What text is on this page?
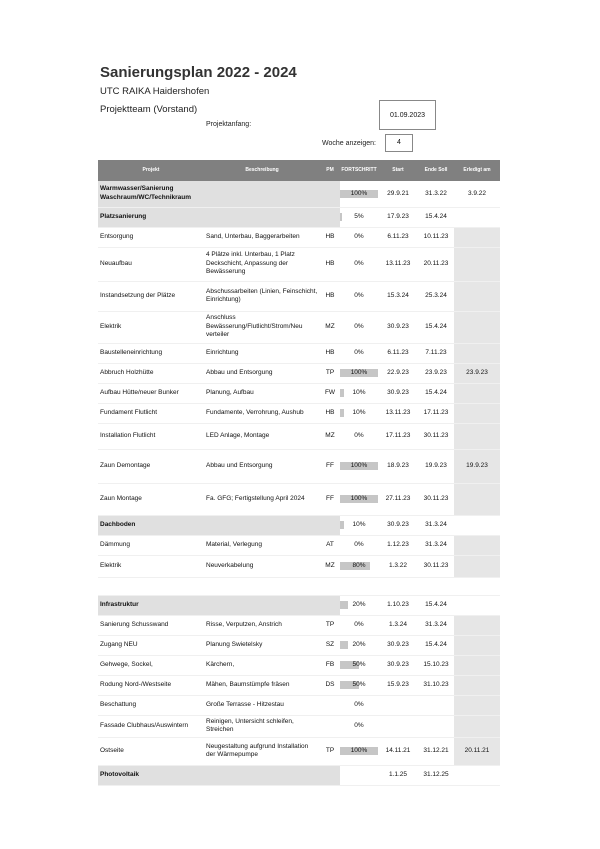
Sanierungsplan 2022 - 2024
UTC RAIKA Haidershofen
Projektteam (Vorstand)
Projektanfang:
01.09.2023
Woche anzeigen:	4
Projekt	Beschreibung	PM	FORTSCHRITT	Start	Ende Soll	Erledigt am
Warmwasser/Sanierung Waschraum/WC/Technikraum			100%	29.9.21	31.3.22	3.9.22
Platzsanierung			5%	17.9.23	15.4.24	
Entsorgung	Sand, Unterbau, Baggerarbeiten	HB	0%	6.11.23	10.11.23	
Neuaufbau	4 Plätze inkl. Unterbau, 1 Platz Deckschicht, Anpassung der Bewässerung	HB	0%	13.11.23	20.11.23	
Instandsetzung der Plätze	Abschussarbeiten (Linien, Feinschicht, Einrichtung)	HB	0%	15.3.24	25.3.24	
Elektrik	Anschluss Bewässerung/Flutlicht/Strom/Neu verteiler	MZ	0%	30.9.23	15.4.24	
Baustelleneinrichtung	Einrichtung	HB	0%	6.11.23	7.11.23	
Abbruch Holzhütte	Abbau und Entsorgung	TP	100%	22.9.23	23.9.23	23.9.23
Aufbau Hütte/neuer Bunker	Planung, Aufbau	FW	10%	30.9.23	15.4.24	
Fundament Flutlicht	Fundamente, Verrohrung, Aushub	HB	10%	13.11.23	17.11.23	
Installation Flutlicht	LED Anlage, Montage	MZ	0%	17.11.23	30.11.23	
Zaun Demontage	Abbau und Entsorgung	FF	100%	18.9.23	19.9.23	19.9.23
Zaun Montage	Fa. GFG; Fertigstellung April 2024	FF	100%	27.11.23	30.11.23	
Dachboden			10%	30.9.23	31.3.24	
Dämmung	Material, Verlegung	AT	0%	1.12.23	31.3.24	
Elektrik	Neuverkabelung	MZ	80%	1.3.22	30.11.23	

Infrastruktur			20%	1.10.23	15.4.24	
Sanierung Schusswand	Risse, Verputzen, Anstrich	TP	0%	1.3.24	31.3.24	
Zugang NEU	Planung Swietelsky	SZ	20%	30.9.23	15.4.24	
Gehwege, Sockel,	Kärchern,	FB	50%	30.9.23	15.10.23	
Rodung Nord-/Westseite	Mähen, Baumstümpfe fräsen	DS	50%	15.9.23	31.10.23	
Beschattung	Große Terrasse - Hitzestau		0%			

Fassade Clubhaus/Auswintern	Reinigen, Untersicht schleifen, Streichen		0%			

Ostseite	Neugestaltung aufgrund Installation der Wärmepumpe	TP	100%	14.11.21	31.12.21	20.11.21
Photovoltaik				1.1.25	31.12.25	
